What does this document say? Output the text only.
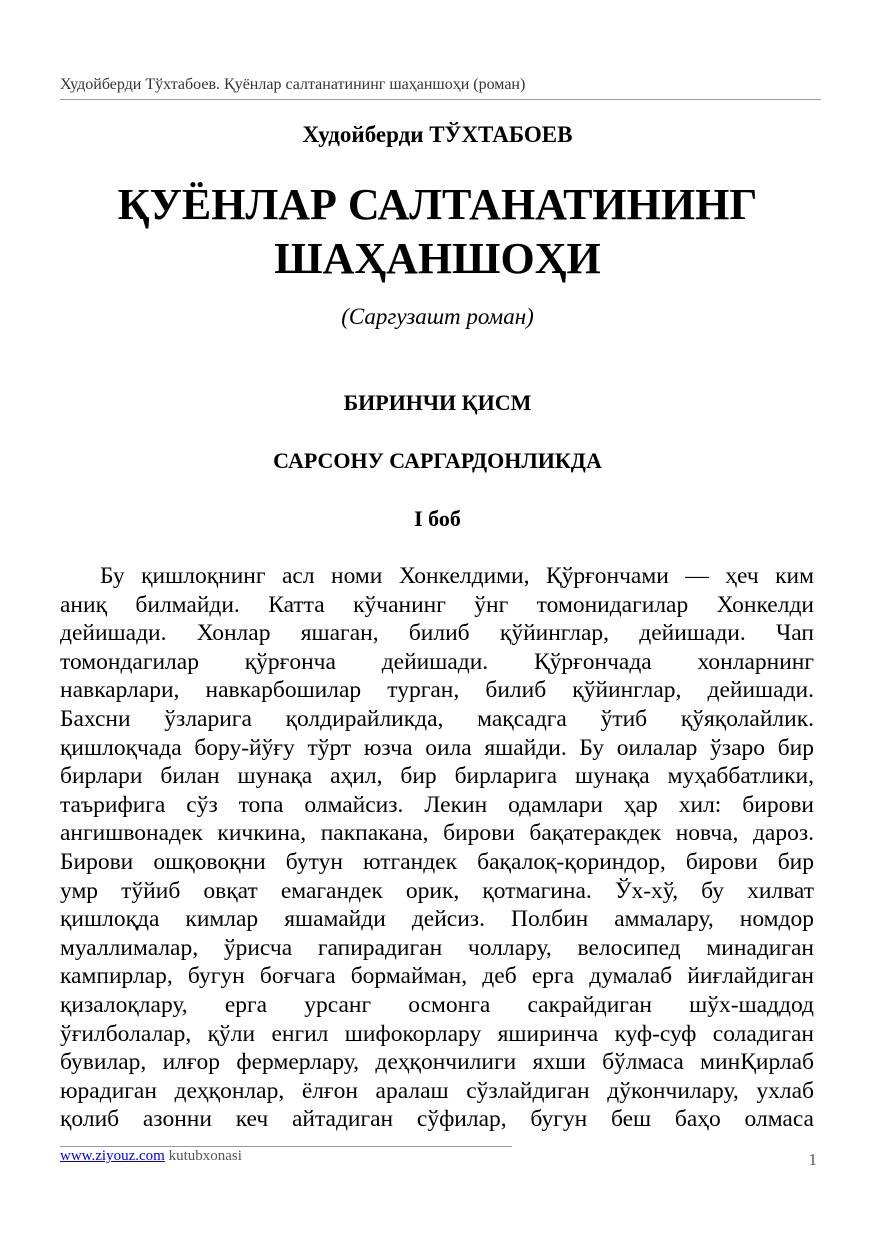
Худойберди Тўхтабоев. Қуёнлар салтанатининг шаҳаншоҳи (роман)
Худойберди ТЎХТАБОЕВ
ҚУЁНЛАР САЛТАНАТИНИНГ
ШАҲАНШОҲИ
(Саргузашт роман)
БИРИНЧИ ҚИСМ
САРСОНУ САРГАРДОНЛИКДА
I боб
Бу қишлоқнинг асл номи Хонкелдими, Қўрғончами — ҳеч ким
аниқ билмайди. Катта кўчанинг ўнг томонидагилар Хонкелди
дейишади. Хонлар яшаган, билиб қўйинглар, дейишади. Чап
томондагилар қўрғонча дейишади. Қўрғончада хонларнинг
навкарлари, навкарбошилар турган, билиб қўйинглар, дейишади.
Бахсни ўзларига қолдирайликда, мақсадга ўтиб қўяқолайлик.
қишлоқчада бору-йўғу тўрт юзча оила яшайди. Бу оилалар ўзаро бир
бирлари билан шунақа аҳил, бир бирларига шунақа муҳаббатлики,
таърифига сўз топа олмайсиз. Лекин одамлари ҳар хил: бирови
ангишвонадек кичкина, пакпакана, бирови бақатеракдек новча, дароз.
Бирови ошқовоқни бутун ютгандек бақалоқ-қориндор, бирови бир
умр тўйиб овқат емагандек орик, қотмагина. Ўх-хў, бу хилват
қишлоқда кимлар яшамайди дейсиз. Полбин аммалару, номдор
муаллималар, ўрисча гапирадиган чоллару, велосипед минадиган
кампирлар, бугун боғчага бормайман, деб ерга думалаб йиғлайдиган
қизалоқлару, ерга урсанг осмонга сакрайдиган шўх-шаддод
ўғилболалар, қўли енгил шифокорлару яширинча куф-суф соладиган
бувилар, илғор фермерлару, деҳқончилиги яхши бўлмаса минҚирлаб
юрадиган деҳқонлар, ёлғон аралаш сўзлайдиган дўкончилару, ухлаб
қолиб азонни кеч айтадиган сўфилар, бугун беш баҳо олмаса
www.ziyouz.com kutubxonasi	1
